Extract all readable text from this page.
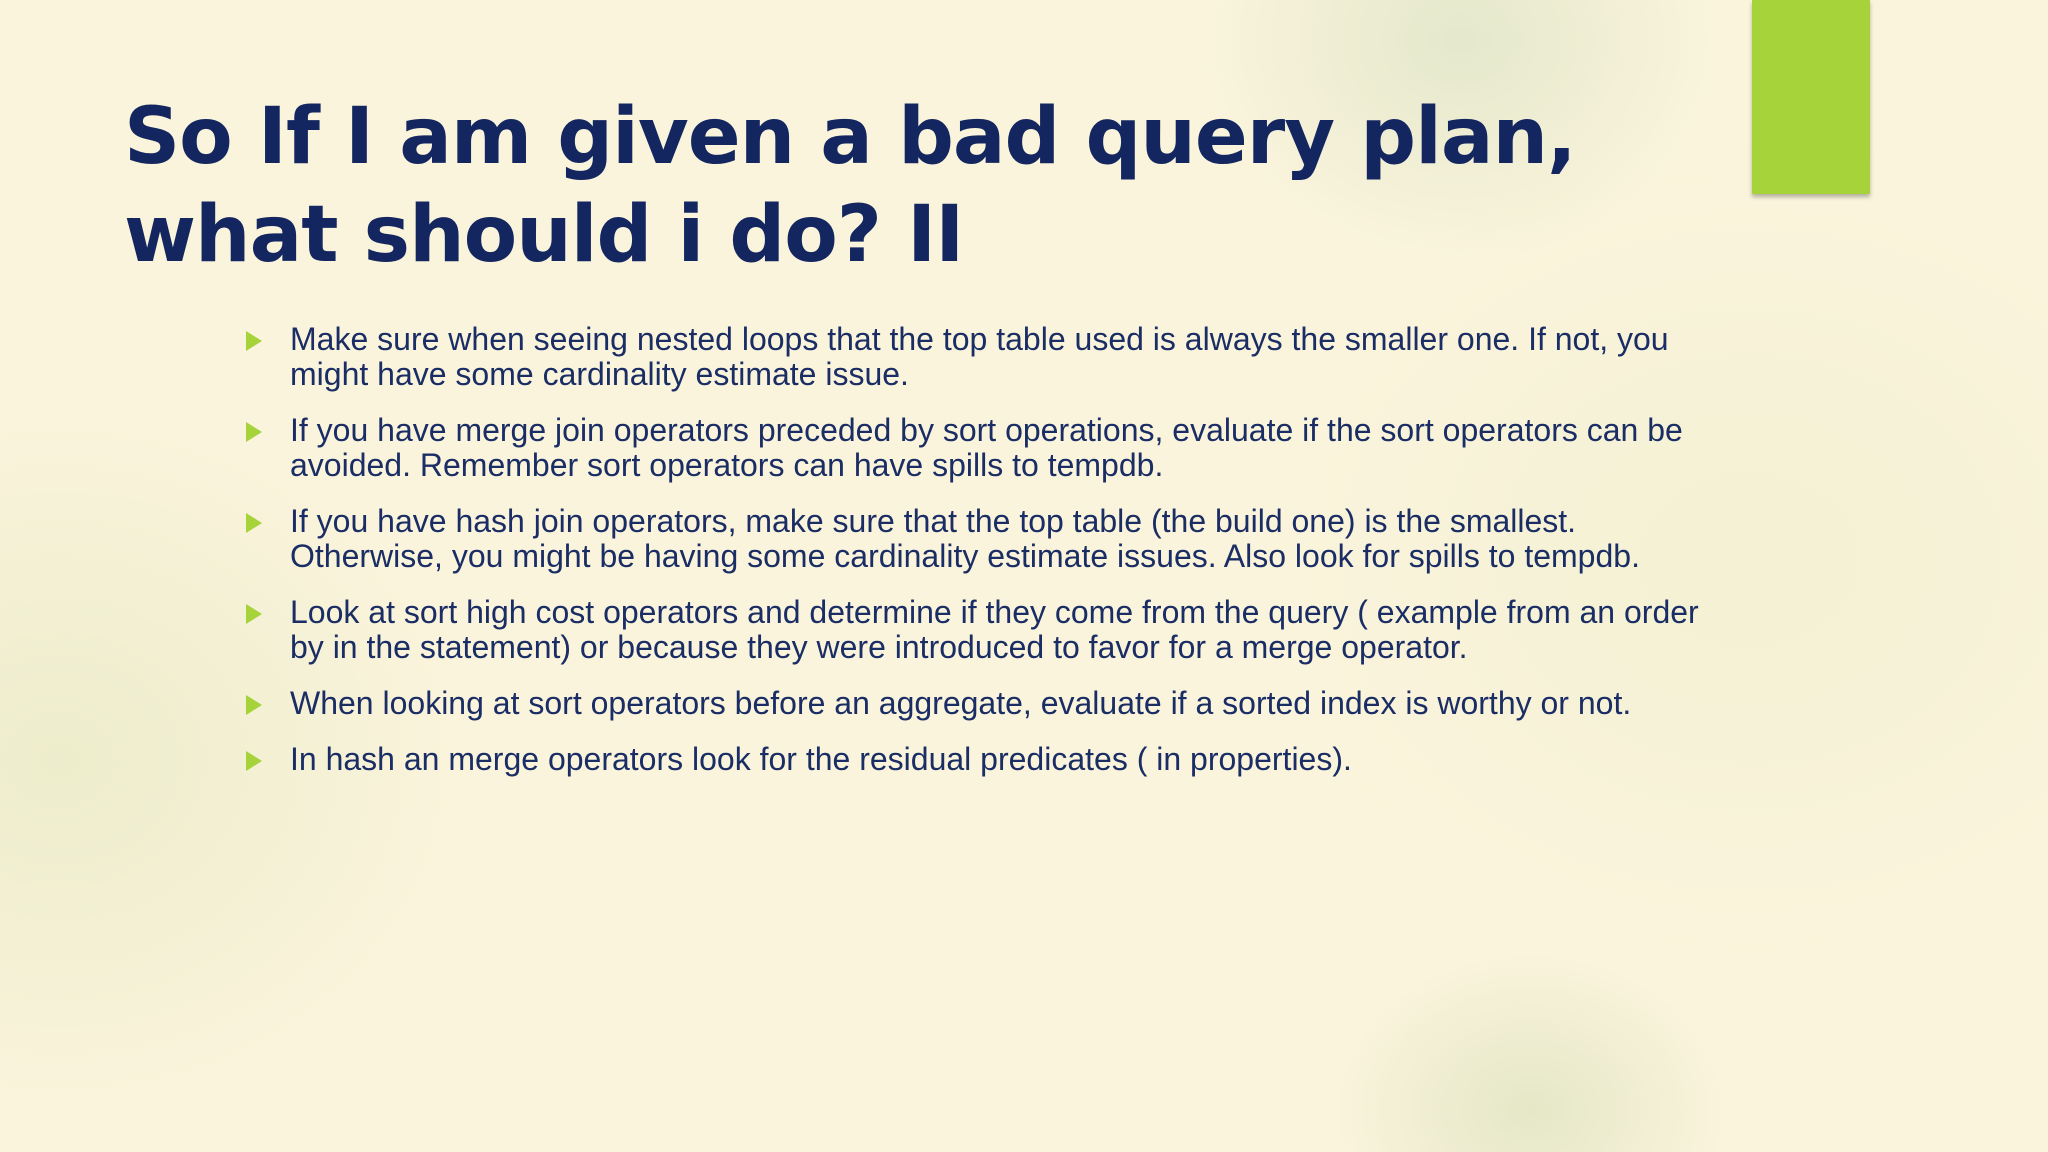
So If I am given a bad query plan, what should i do? II
Make sure when seeing nested loops that the top table used is always the smaller one. If not, you might have some cardinality estimate issue.
If you have merge join operators preceded by sort operations, evaluate if the sort operators can be avoided. Remember sort operators can have spills to tempdb.
If you have hash join operators, make sure that the top table (the build one) is the smallest. Otherwise, you might be having some cardinality estimate issues. Also look for spills to tempdb.
Look at sort high cost operators and determine if they come from the query ( example from an order by in the statement) or because they were introduced to favor for a merge operator.
When looking at sort operators before an aggregate, evaluate if a sorted index is worthy or not.
In hash an merge operators look for the residual predicates ( in properties).
